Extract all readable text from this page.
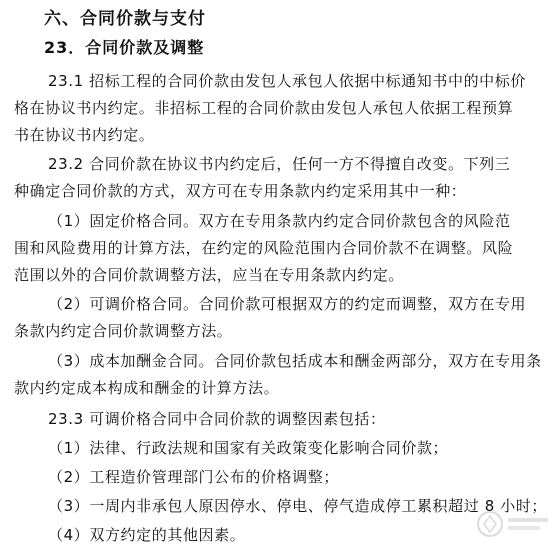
六、合同价款与支付
23．合同价款及调整
23.1 招标工程的合同价款由发包人承包人依据中标通知书中的中标价
格在协议书内约定。非招标工程的合同价款由发包人承包人依据工程预算
书在协议书内约定。
23.2 合同价款在协议书内约定后，任何一方不得擅自改变。下列三
种确定合同价款的方式，双方可在专用条款内约定采用其中一种：
（1）固定价格合同。双方在专用条款内约定合同价款包含的风险范
围和风险费用的计算方法，在约定的风险范围内合同价款不在调整。风险
范围以外的合同价款调整方法，应当在专用条款内约定。
（2）可调价格合同。合同价款可根据双方的约定而调整，双方在专用
条款内约定合同价款调整方法。
（3）成本加酬金合同。合同价款包括成本和酬金两部分，双方在专用条
款内约定成本构成和酬金的计算方法。
23.3 可调价格合同中合同价款的调整因素包括：
（1）法律、行政法规和国家有关政策变化影响合同价款；
（2）工程造价管理部门公布的价格调整；
（3）一周内非承包人原因停水、停电、停气造成停工累积超过 8 小时；
（4）双方约定的其他因素。
